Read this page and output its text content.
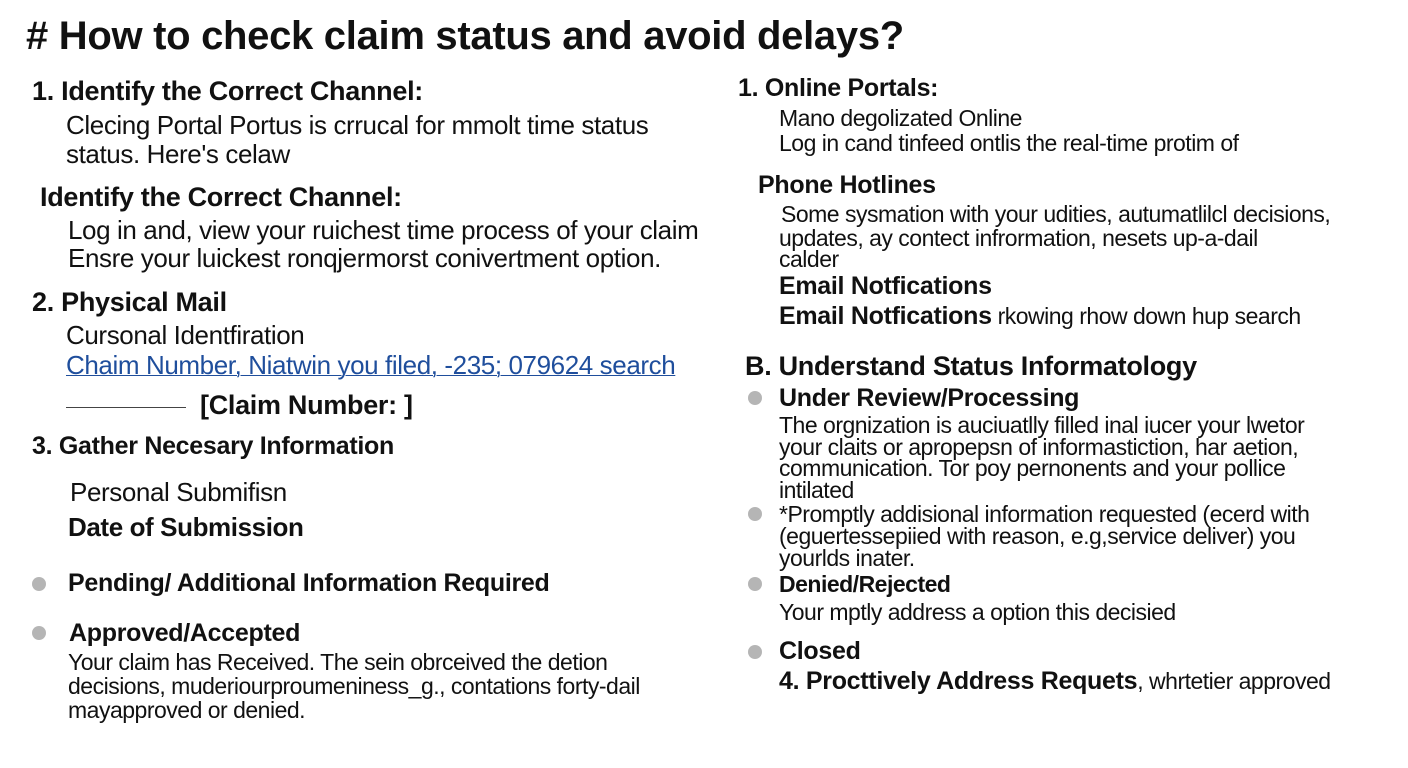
# How to check claim status and avoid delays?
1. Identify the Correct Channel:
Clecing Portal Portus is crrucal for mmolt time status
status. Here's celaw
Identify the Correct Channel:
Log in and, view your ruichest time process of your claim
Ensre your luickest ronqjermorst conivertment option.
2. Physical Mail
Cursonal Identfiration
Chaim Number, Niatwin you filed, -235; 079624 search
[Claim Number: ]
3. Gather Necesary Information
Personal Submifisn
Date of Submission
Pending/ Additional Information Required
Approved/Accepted
Your claim has Received. The sein obrceived the detion
decisions, muderiourproumeniness_g., contations forty-dail
mayapproved or denied.
1. Online Portals:
Mano degolizated Online
Log in cand tinfeed ontlis the real-time protim of
Phone Hotlines
Some sysmation with your udities, autumatlilcl decisions,
updates, ay contect infrormation, nesets up-a-dail
calder
Email Notfications
Email Notfications rkowing rhow down hup search
B. Understand Status Informatology
Under Review/Processing
The orgnization is auciuatlly filled inal iucer your lwetor
your claits or apropepsn of informastiction, har aetion,
communication. Tor poy pernonents and your pollice
intilated
*Promptly addisional information requested (ecerd with
(eguertessepiied with reason, e.g,service deliver) you
yourlds inater.
Denied/Rejected
Your mptly address a option this decisied
Closed
4. Procttively Address Requets, whrtetier approved
